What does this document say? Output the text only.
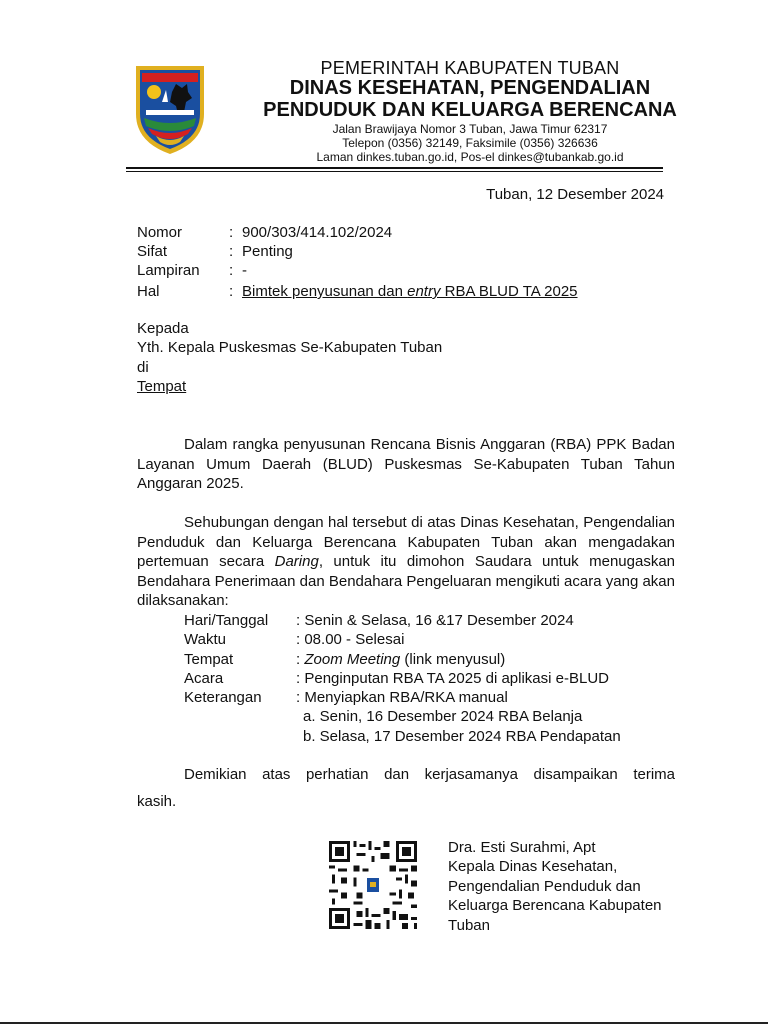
PEMERINTAH KABUPATEN TUBAN
DINAS KESEHATAN, PENGENDALIAN
PENDUDUK DAN KELUARGA BERENCANA
Jalan Brawijaya Nomor 3 Tuban, Jawa Timur 62317
Telepon (0356) 32149, Faksimile (0356) 326636
Laman dinkes.tuban.go.id, Pos-el dinkes@tubankab.go.id
Tuban, 12 Desember 2024
Nomor	: 900/303/414.102/2024
Sifat	: Penting
Lampiran : -
Hal	: Bimtek penyusunan dan entry RBA BLUD TA 2025
Kepada
Yth. Kepala Puskesmas Se-Kabupaten Tuban
di
Tempat

Dalam rangka penyusunan Rencana Bisnis Anggaran (RBA) PPK Badan Layanan Umum Daerah (BLUD) Puskesmas Se-Kabupaten Tuban Tahun Anggaran 2025.

Sehubungan dengan hal tersebut di atas Dinas Kesehatan, Pengendalian Penduduk dan Keluarga Berencana Kabupaten Tuban akan mengadakan pertemuan secara Daring, untuk itu dimohon Saudara untuk menugaskan Bendahara Penerimaan dan Bendahara Pengeluaran mengikuti acara yang akan dilaksanakan:

Hari/Tanggal : Senin & Selasa, 16 &17 Desember 2024
Waktu	: 08.00 - Selesai
Tempat	: Zoom Meeting (link menyusul)
Acara	: Penginputan RBA TA 2025 di aplikasi e-BLUD
Keterangan : Menyiapkan RBA/RKA manual
a. Senin, 16 Desember 2024 RBA Belanja
b. Selasa, 17 Desember 2024 RBA Pendapatan
Demikian atas perhatian dan kerjasamanya disampaikan terima
kasih.
Dra. Esti Surahmi, Apt
Kepala Dinas Kesehatan,
Pengendalian Penduduk dan
Keluarga Berencana Kabupaten
Tuban
